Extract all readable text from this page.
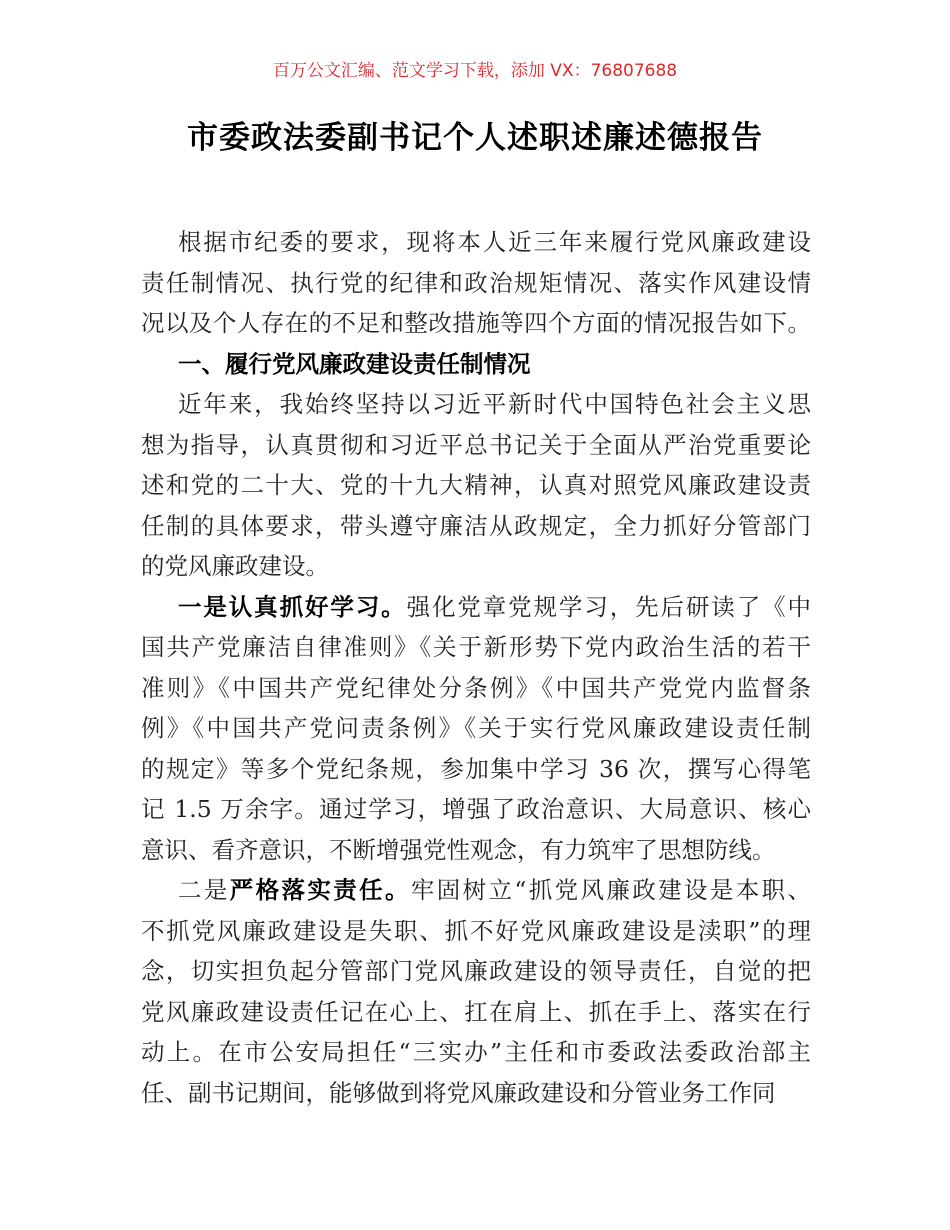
百万公文汇编、范文学习下载，添加 VX：76807688
市委政法委副书记个人述职述廉述德报告
根据市纪委的要求，现将本人近三年来履行党风廉政建设
责任制情况、执行党的纪律和政治规矩情况、落实作风建设情
况以及个人存在的不足和整改措施等四个方面的情况报告如下。
一、履行党风廉政建设责任制情况
近年来，我始终坚持以习近平新时代中国特色社会主义思
想为指导，认真贯彻和习近平总书记关于全面从严治党重要论
述和党的二十大、党的十九大精神，认真对照党风廉政建设责
任制的具体要求，带头遵守廉洁从政规定，全力抓好分管部门
的党风廉政建设。
一是认真抓好学习。强化党章党规学习，先后研读了《中
国共产党廉洁自律准则》《关于新形势下党内政治生活的若干
准则》《中国共产党纪律处分条例》《中国共产党党内监督条
例》《中国共产党问责条例》《关于实行党风廉政建设责任制
的规定》等多个党纪条规，参加集中学习 36 次，撰写心得笔
记 1.5 万余字。通过学习，增强了政治意识、大局意识、核心
意识、看齐意识，不断增强党性观念，有力筑牢了思想防线。
二是严格落实责任。牢固树立“抓党风廉政建设是本职、
不抓党风廉政建设是失职、抓不好党风廉政建设是渎职”的理
念，切实担负起分管部门党风廉政建设的领导责任，自觉的把
党风廉政建设责任记在心上、扛在肩上、抓在手上、落实在行
动上。在市公安局担任“三实办”主任和市委政法委政治部主
任、副书记期间，能够做到将党风廉政建设和分管业务工作同
